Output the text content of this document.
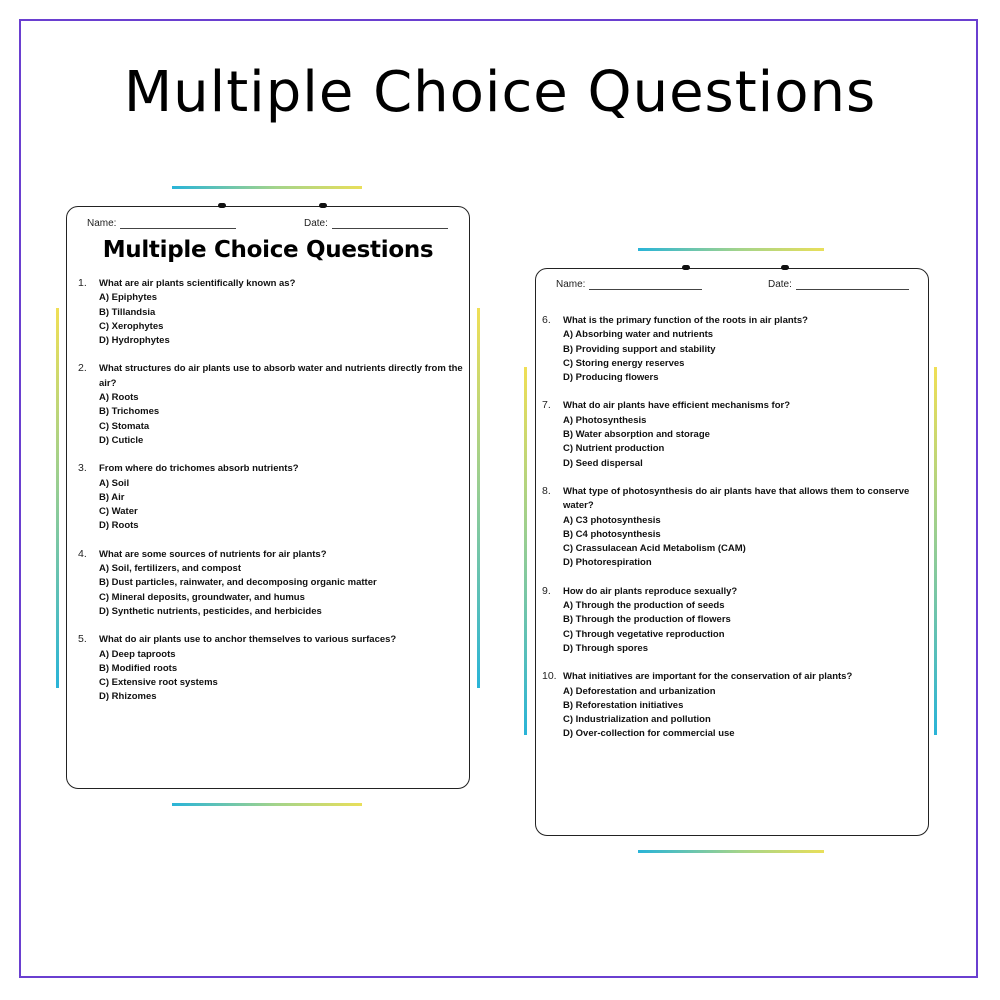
Multiple Choice Questions
Name:	Date:
Multiple Choice Questions
1. What are air plants scientifically known as?
A) Epiphytes
B) Tillandsia
C) Xerophytes
D) Hydrophytes
2. What structures do air plants use to absorb water and nutrients directly from the air?
A) Roots
B) Trichomes
C) Stomata
D) Cuticle
3. From where do trichomes absorb nutrients?
A) Soil
B) Air
C) Water
D) Roots
4. What are some sources of nutrients for air plants?
A) Soil, fertilizers, and compost
B) Dust particles, rainwater, and decomposing organic matter
C) Mineral deposits, groundwater, and humus
D) Synthetic nutrients, pesticides, and herbicides
5. What do air plants use to anchor themselves to various surfaces?
A) Deep taproots
B) Modified roots
C) Extensive root systems
D) Rhizomes
Name:	Date:
6. What is the primary function of the roots in air plants?
A) Absorbing water and nutrients
B) Providing support and stability
C) Storing energy reserves
D) Producing flowers
7. What do air plants have efficient mechanisms for?
A) Photosynthesis
B) Water absorption and storage
C) Nutrient production
D) Seed dispersal
8. What type of photosynthesis do air plants have that allows them to conserve water?
A) C3 photosynthesis
B) C4 photosynthesis
C) Crassulacean Acid Metabolism (CAM)
D) Photorespiration
9. How do air plants reproduce sexually?
A) Through the production of seeds
B) Through the production of flowers
C) Through vegetative reproduction
D) Through spores
10. What initiatives are important for the conservation of air plants?
A) Deforestation and urbanization
B) Reforestation initiatives
C) Industrialization and pollution
D) Over-collection for commercial use
